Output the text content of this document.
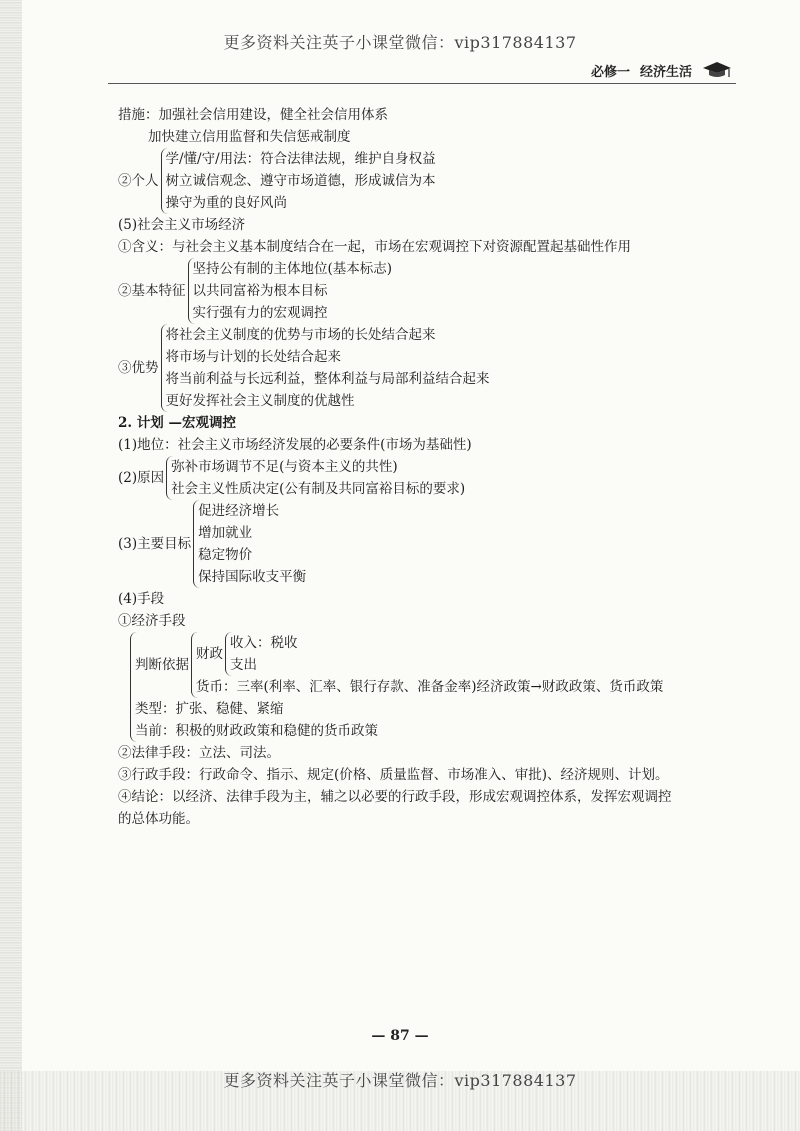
更多资料关注英子小课堂微信：vip317884137
必修一 经济生活
措施：加强社会信用建设，健全社会信用体系
加快建立信用监督和失信惩戒制度
②个人
学/懂/守/用法：符合法律法规，维护自身权益
树立诚信观念、遵守市场道德，形成诚信为本
操守为重的良好风尚
(5)社会主义市场经济
①含义：与社会主义基本制度结合在一起，市场在宏观调控下对资源配置起基础性作用
②基本特征
坚持公有制的主体地位(基本标志)
以共同富裕为根本目标
实行强有力的宏观调控
③优势
将社会主义制度的优势与市场的长处结合起来
将市场与计划的长处结合起来
将当前利益与长远利益，整体利益与局部利益结合起来
更好发挥社会主义制度的优越性
2. 计划 —宏观调控
(1)地位：社会主义市场经济发展的必要条件(市场为基础性)
(2)原因
弥补市场调节不足(与资本主义的共性)
社会主义性质决定(公有制及共同富裕目标的要求)
(3)主要目标
促进经济增长
增加就业
稳定物价
保持国际收支平衡
(4)手段
①经济手段
判断依据
财政
收入：税收
支出
货币：三率(利率、汇率、银行存款、准备金率)经济政策→财政政策、货币政策
类型：扩张、稳健、紧缩
当前：积极的财政政策和稳健的货币政策
②法律手段：立法、司法。
③行政手段：行政命令、指示、规定(价格、质量监督、市场准入、审批)、经济规则、计划。
④结论：以经济、法律手段为主，辅之以必要的行政手段，形成宏观调控体系，发挥宏观调控的总体功能。
— 87 —
更多资料关注英子小课堂微信：vip317884137
